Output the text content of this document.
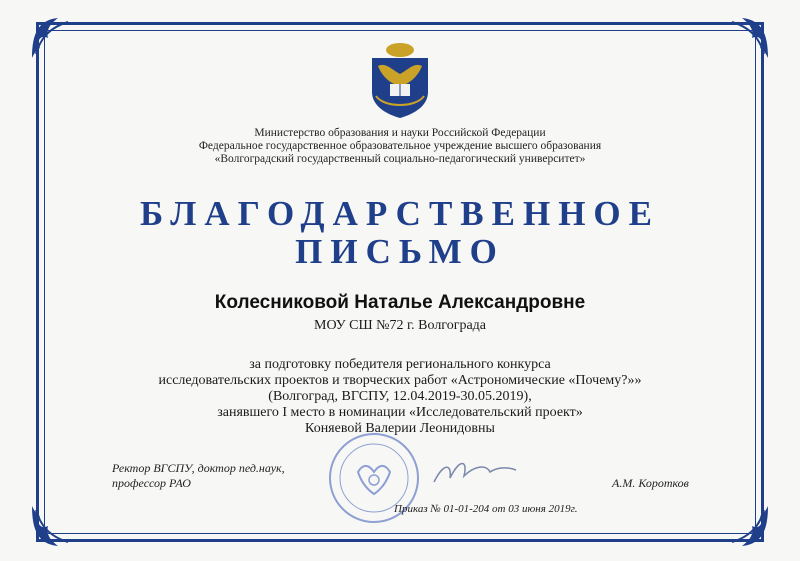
Министерство образования и науки Российской Федерации
Федеральное государственное образовательное учреждение высшего образования
«Волгоградский государственный социально-педагогический университет»
БЛАГОДАРСТВЕННОЕ
ПИСЬМО
Колесниковой Наталье Александровне
МОУ СШ №72 г. Волгограда
за подготовку победителя регионального конкурса
исследовательских проектов и творческих работ «Астрономические «Почему?»»
(Волгоград, ВГСПУ, 12.04.2019-30.05.2019),
занявшего I место в номинации «Исследовательский проект»
Коняевой Валерии Леонидовны
Ректор ВГСПУ, доктор пед.наук,
профессор РАО	А.М. Коротков
Приказ № 01-01-204 от 03 июня 2019г.
